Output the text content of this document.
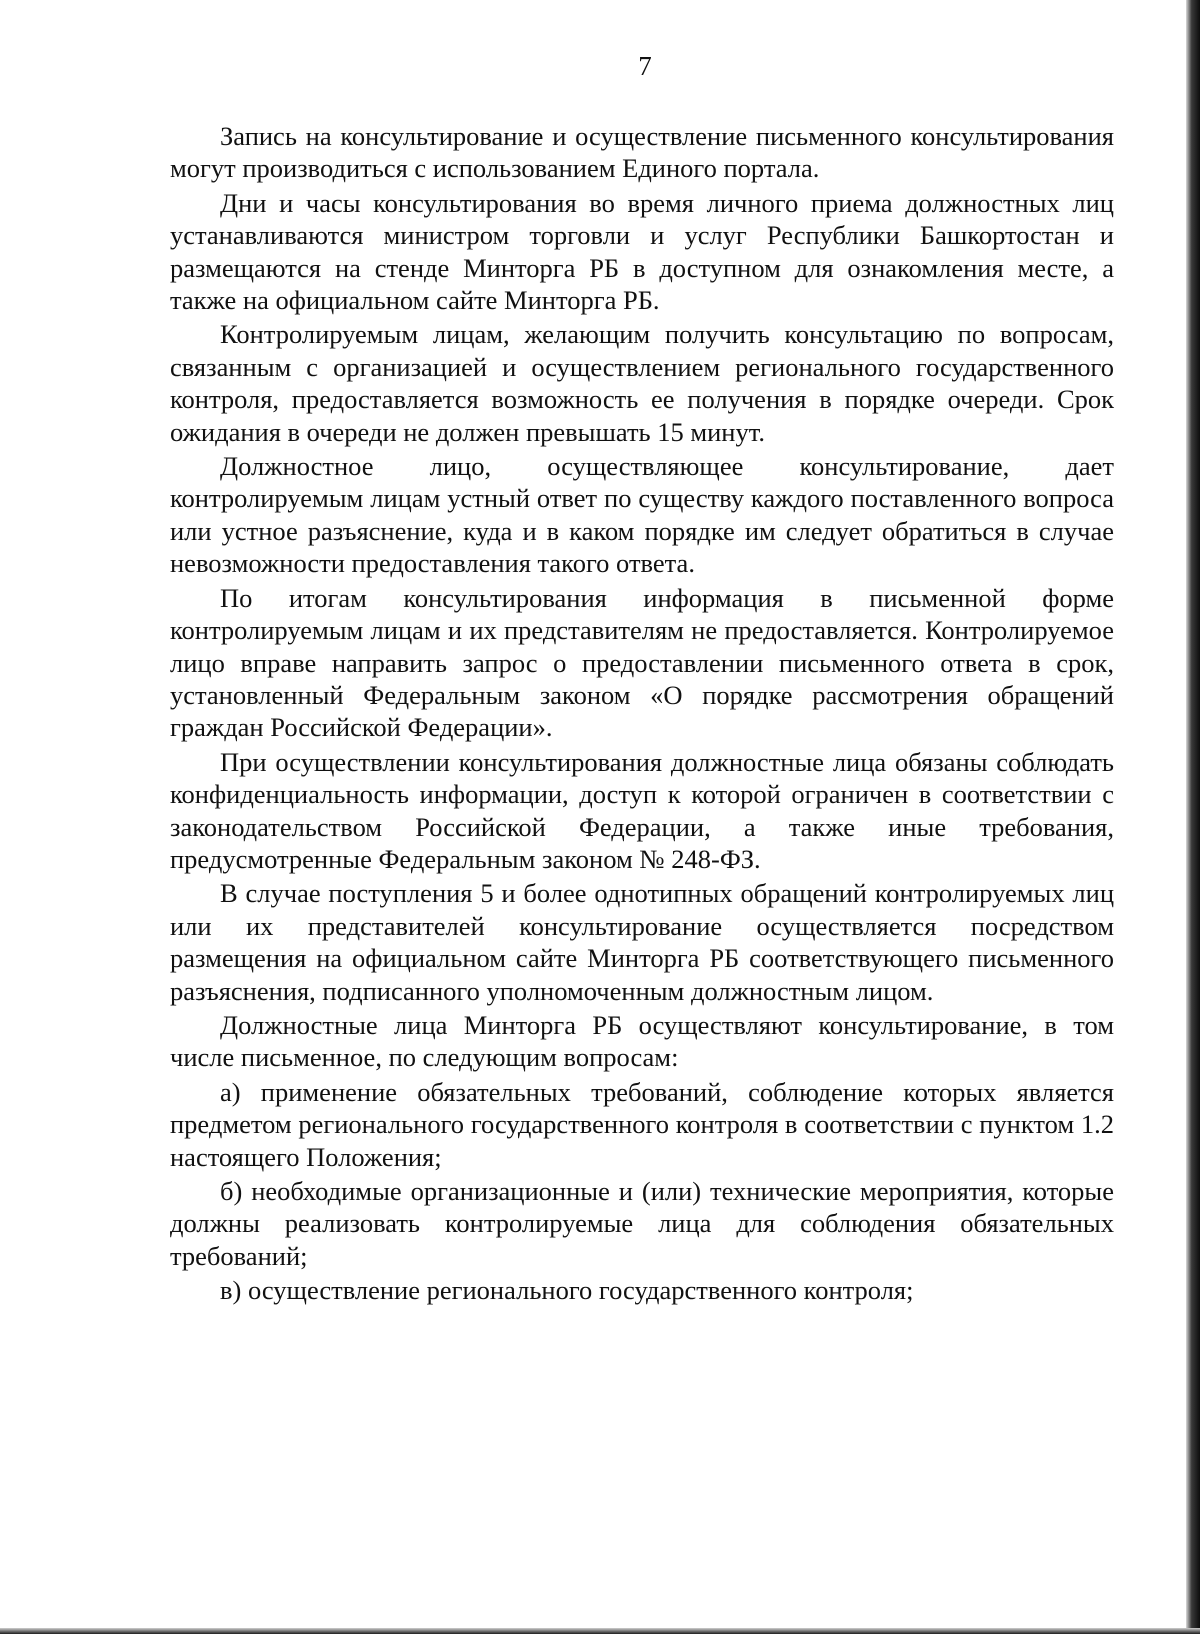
7

Запись на консультирование и осуществление письменного консультирования могут производиться с использованием Единого портала.

Дни и часы консультирования во время личного приема должностных лиц устанавливаются министром торговли и услуг Республики Башкортостан и размещаются на стенде Минторга РБ в доступном для ознакомления месте, а также на официальном сайте Минторга РБ.

Контролируемым лицам, желающим получить консультацию по вопросам, связанным с организацией и осуществлением регионального государственного контроля, предоставляется возможность ее получения в порядке очереди. Срок ожидания в очереди не должен превышать 15 минут.

Должностное лицо, осуществляющее консультирование, дает контролируемым лицам устный ответ по существу каждого поставленного вопроса или устное разъяснение, куда и в каком порядке им следует обратиться в случае невозможности предоставления такого ответа.

По итогам консультирования информация в письменной форме контролируемым лицам и их представителям не предоставляется. Контролируемое лицо вправе направить запрос о предоставлении письменного ответа в срок, установленный Федеральным законом «О порядке рассмотрения обращений граждан Российской Федерации».

При осуществлении консультирования должностные лица обязаны соблюдать конфиденциальность информации, доступ к которой ограничен в соответствии с законодательством Российской Федерации, а также иные требования, предусмотренные Федеральным законом № 248-ФЗ.

В случае поступления 5 и более однотипных обращений контролируемых лиц или их представителей консультирование осуществляется посредством размещения на официальном сайте Минторга РБ соответствующего письменного разъяснения, подписанного уполномоченным должностным лицом.

Должностные лица Минторга РБ осуществляют консультирование, в том числе письменное, по следующим вопросам:

а) применение обязательных требований, соблюдение которых является предметом регионального государственного контроля в соответствии с пунктом 1.2 настоящего Положения;

б) необходимые организационные и (или) технические мероприятия, которые должны реализовать контролируемые лица для соблюдения обязательных требований;

в) осуществление регионального государственного контроля;
